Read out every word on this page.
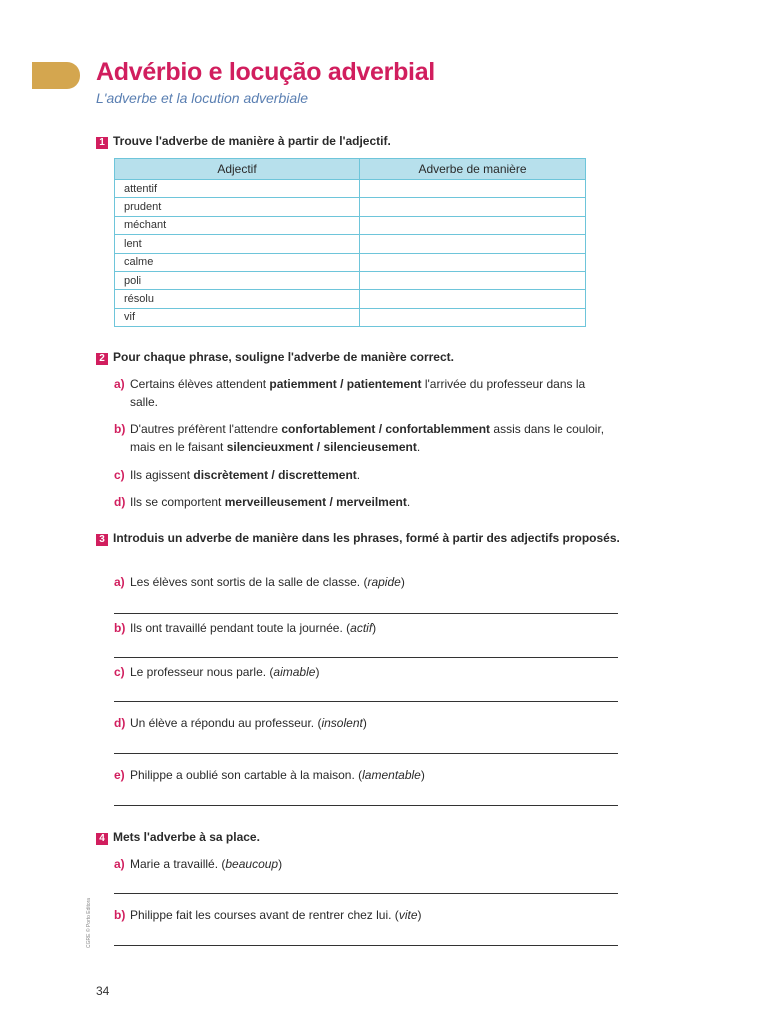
Advérbio e locução adverbial
L'adverbe et la locution adverbiale
1 Trouve l'adverbe de manière à partir de l'adjectif.
Adjectif	Adverbe de manière
attentif	
prudent	
méchant	
lent	
calme	
poli	
résolu	
vif	
2 Pour chaque phrase, souligne l'adverbe de manière correct.
a) Certains élèves attendent patiemment / patientement l'arrivée du professeur dans la salle.
b) D'autres préfèrent l'attendre confortablement / confortablemment assis dans le couloir, mais en le faisant silencieuxment / silencieusement.
c) Ils agissent discrètement / discrettement.
d) Ils se comportent merveilleusement / merveilment.
3 Introduis un adverbe de manière dans les phrases, formé à partir des adjectifs proposés.
a) Les élèves sont sortis de la salle de classe. (rapide)
b) Ils ont travaillé pendant toute la journée. (actif)
c) Le professeur nous parle. (aimable)
d) Un élève a répondu au professeur. (insolent)
e) Philippe a oublié son cartable à la maison. (lamentable)
4 Mets l'adverbe à sa place.
a) Marie a travaillé. (beaucoup)
b) Philippe fait les courses avant de rentrer chez lui. (vite)
CGRE © Porto Editora
34
